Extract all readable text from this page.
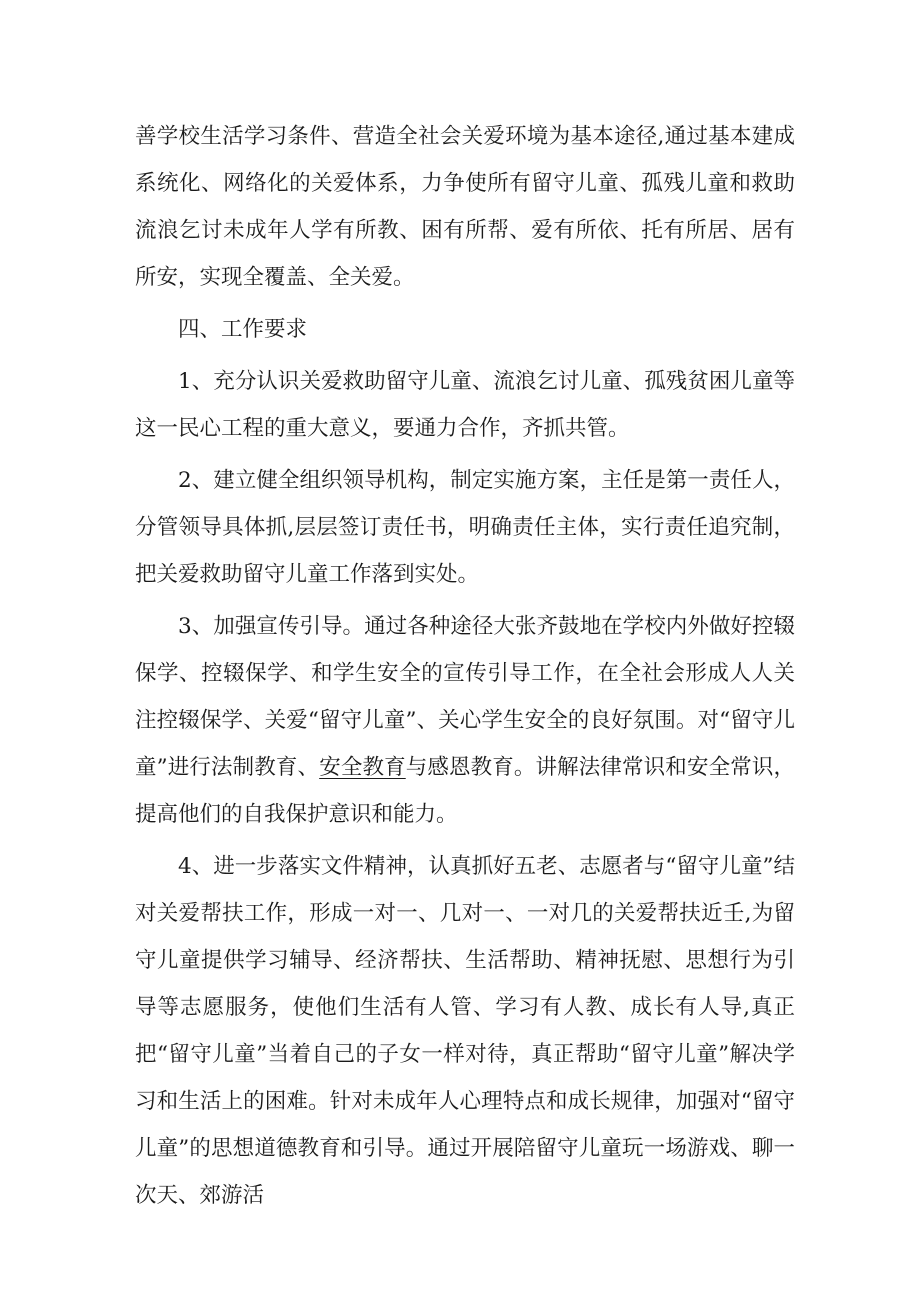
善学校生活学习条件、营造全社会关爱环境为基本途径,通过基本建成系统化、网络化的关爱体系，力争使所有留守儿童、孤残儿童和救助流浪乞讨未成年人学有所教、困有所帮、爱有所依、托有所居、居有所安，实现全覆盖、全关爱。

四、工作要求

1、充分认识关爱救助留守儿童、流浪乞讨儿童、孤残贫困儿童等这一民心工程的重大意义，要通力合作，齐抓共管。

2、建立健全组织领导机构，制定实施方案，主任是第一责任人，分管领导具体抓,层层签订责任书，明确责任主体，实行责任追究制，把关爱救助留守儿童工作落到实处。

3、加强宣传引导。通过各种途径大张齐鼓地在学校内外做好控辍保学、控辍保学、和学生安全的宣传引导工作，在全社会形成人人关注控辍保学、关爱“留守儿童”、关心学生安全的良好氛围。对“留守儿童”进行法制教育、安全教育与感恩教育。讲解法律常识和安全常识，提高他们的自我保护意识和能力。

4、进一步落实文件精神，认真抓好五老、志愿者与“留守儿童”结对关爱帮扶工作，形成一对一、几对一、一对几的关爱帮扶近壬,为留守儿童提供学习辅导、经济帮扶、生活帮助、精神抚慰、思想行为引导等志愿服务，使他们生活有人管、学习有人教、成长有人导,真正把“留守儿童”当着自己的子女一样对待，真正帮助“留守儿童”解决学习和生活上的困难。针对未成年人心理特点和成长规律，加强对“留守儿童”的思想道德教育和引导。通过开展陪留守儿童玩一场游戏、聊一次天、郊游活
